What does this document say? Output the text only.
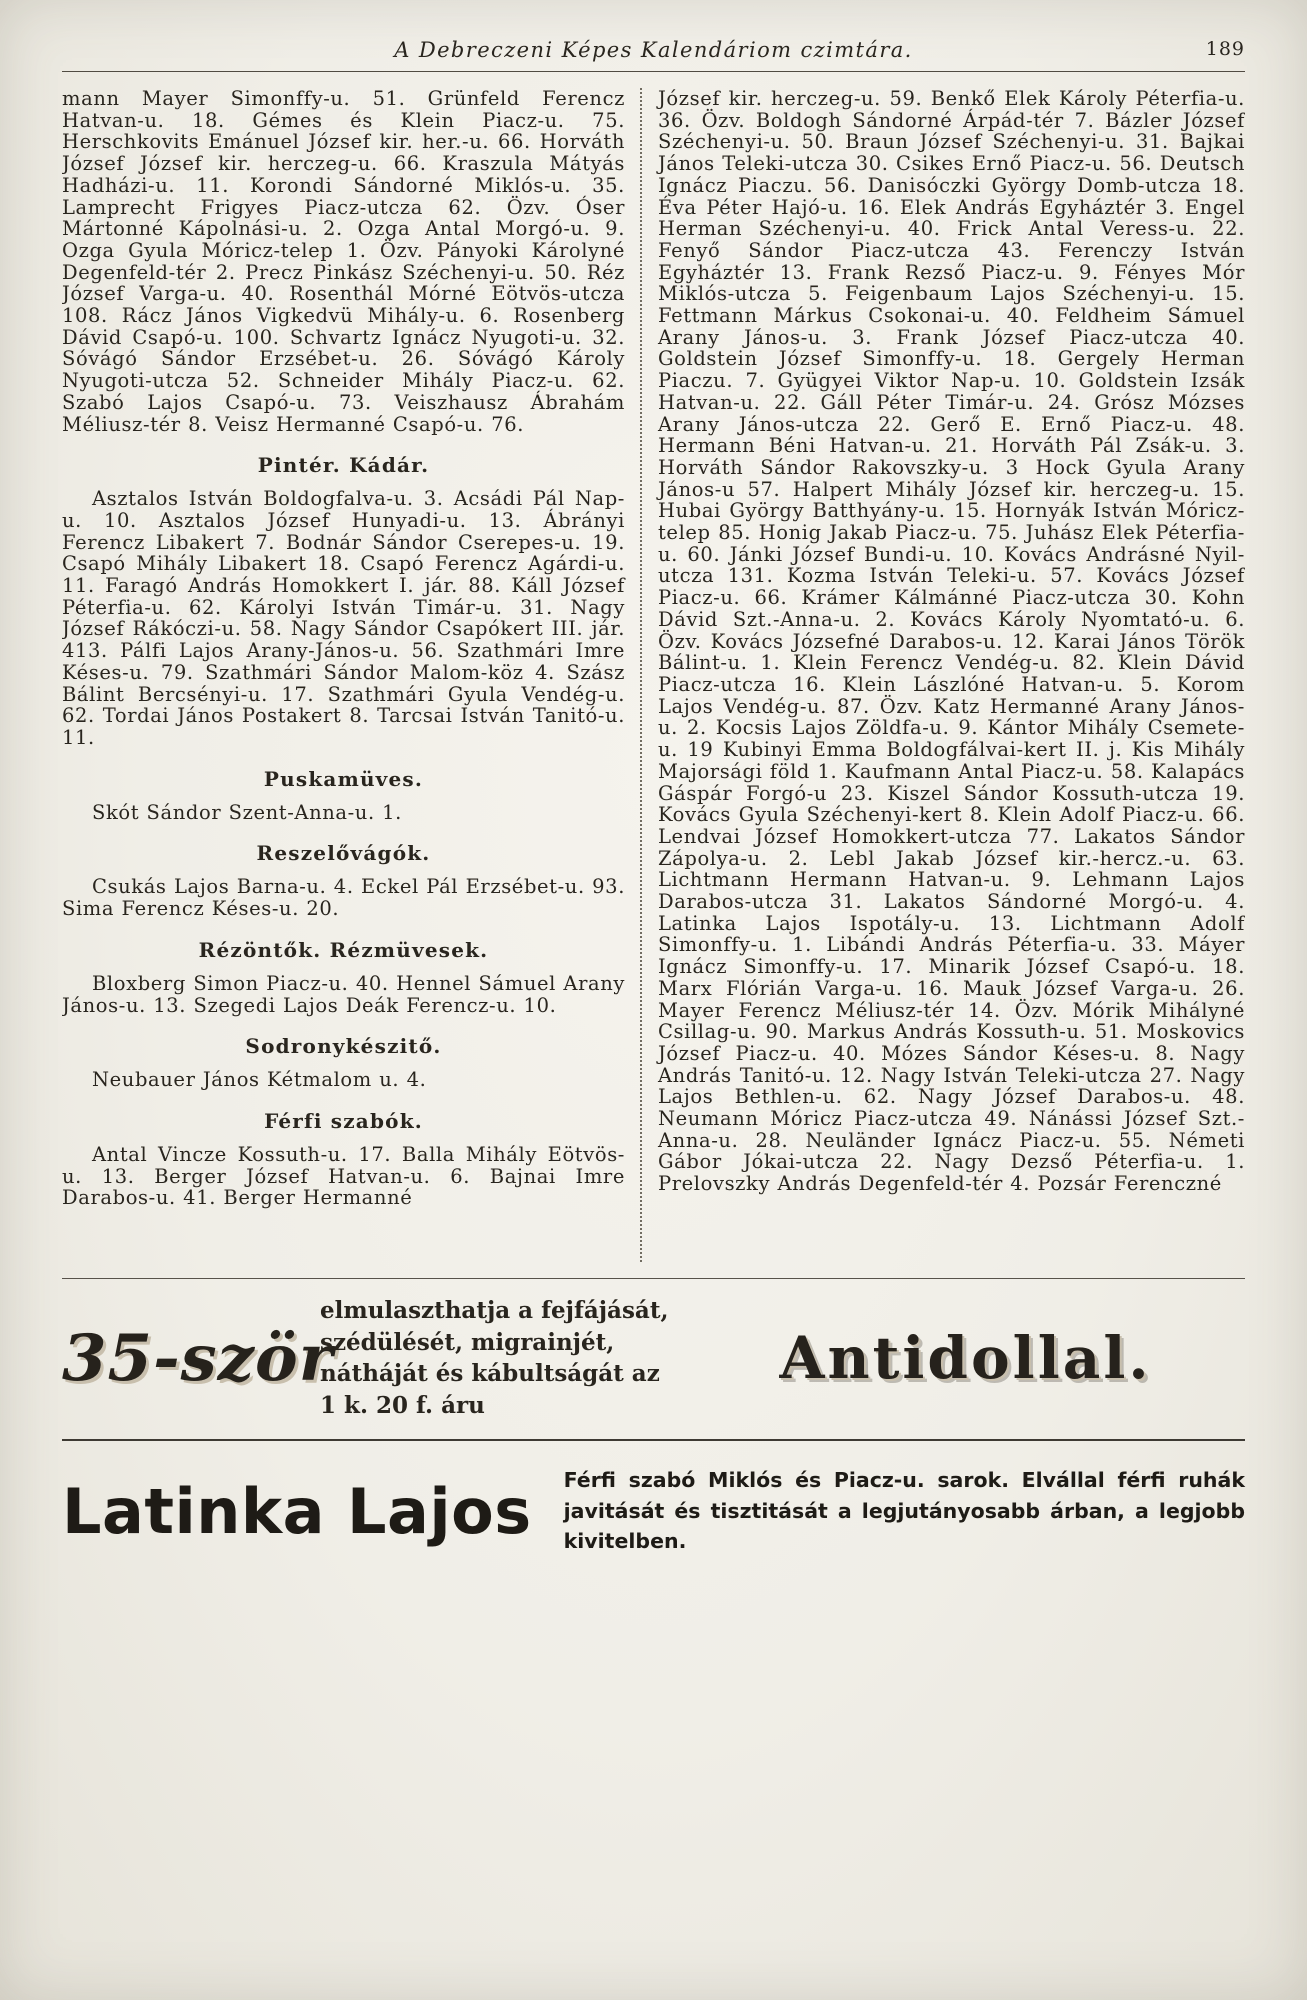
A Debreczeni Képes Kalendáriom czimtára.	189

mann Mayer Simonffy-u. 51. Grünfeld Ferencz Hatvan-u. 18. Gémes és Klein Piacz-u. 75. Herschkovits Emánuel József kir. her.-u. 66. Horváth József József kir. herczeg-u. 66. Kraszula Mátyás Hadházi-u. 11. Korondi Sándorné Miklós-u. 35. Lamprecht Frigyes Piacz-utcza 62. Özv. Óser Mártonné Kápolnási-u. 2. Ozga Antal Morgó-u. 9. Ozga Gyula Móricz-telep 1. Özv. Pányoki Károlyné Degenfeld-tér 2. Precz Pinkász Széchenyi-u. 50. Réz József Varga-u. 40. Rosenthál Mórné Eötvös-utcza 108. Rácz János Vigkedvü Mihály-u. 6. Rosenberg Dávid Csapó-u. 100. Schvartz Ignácz Nyugoti-u. 32. Sóvágó Sándor Erzsébet-u. 26. Sóvágó Károly Nyugoti-utcza 52. Schneider Mihály Piacz-u. 62. Szabó Lajos Csapó-u. 73. Veiszhausz Ábrahám Méliusz-tér 8. Veisz Hermanné Csapó-u. 76.

Pintér. Kádár.

Asztalos István Boldogfalva-u. 3. Acsádi Pál Nap-u. 10. Asztalos József Hunyadi-u. 13. Ábrányi Ferencz Libakert 7. Bodnár Sándor Cserepes-u. 19. Csapó Mihály Libakert 18. Csapó Ferencz Agárdi-u. 11. Faragó András Homokkert I. jár. 88. Káll József Péterfia-u. 62. Károlyi István Timár-u. 31. Nagy József Rákóczi-u. 58. Nagy Sándor Csapókert III. jár. 413. Pálfi Lajos Arany-János-u. 56. Szathmári Imre Késes-u. 79. Szathmári Sándor Malom-köz 4. Szász Bálint Bercsényi-u. 17. Szathmári Gyula Vendég-u. 62. Tordai János Postakert 8. Tarcsai István Tanitó-u. 11.

Puskamüves.

Skót Sándor Szent-Anna-u. 1.

Reszelővágók.

Csukás Lajos Barna-u. 4. Eckel Pál Erzsébet-u. 93. Sima Ferencz Késes-u. 20.

Rézöntők. Rézmüvesek.

Bloxberg Simon Piacz-u. 40. Hennel Sámuel Arany János-u. 13. Szegedi Lajos Deák Ferencz-u. 10.

Sodronykészitő.

Neubauer János Kétmalom u. 4.

Férfi szabók.

Antal Vincze Kossuth-u. 17. Balla Mihály Eötvös-u. 13. Berger József Hatvan-u. 6. Bajnai Imre Darabos-u. 41. Berger Hermanné

József kir. herczeg-u. 59. Benkő Elek Károly Péterfia-u. 36. Özv. Boldogh Sándorné Árpád-tér 7. Bázler József Széchenyi-u. 50. Braun József Széchenyi-u. 31. Bajkai János Teleki-utcza 30. Csikes Ernő Piacz-u. 56. Deutsch Ignácz Piaczu. 56. Danisóczki György Domb-utcza 18. Éva Péter Hajó-u. 16. Elek András Egyháztér 3. Engel Herman Széchenyi-u. 40. Frick Antal Veress-u. 22. Fenyő Sándor Piacz-utcza 43. Ferenczy István Egyháztér 13. Frank Rezső Piacz-u. 9. Fényes Mór Miklós-utcza 5. Feigenbaum Lajos Széchenyi-u. 15. Fettmann Márkus Csokonai-u. 40. Feldheim Sámuel Arany János-u. 3. Frank József Piacz-utcza 40. Goldstein József Simonffy-u. 18. Gergely Herman Piaczu. 7. Gyügyei Viktor Nap-u. 10. Goldstein Izsák Hatvan-u. 22. Gáll Péter Timár-u. 24. Grósz Mózses Arany János-utcza 22. Gerő E. Ernő Piacz-u. 48. Hermann Béni Hatvan-u. 21. Horváth Pál Zsák-u. 3. Horváth Sándor Rakovszky-u. 3 Hock Gyula Arany János-u 57. Halpert Mihály József kir. herczeg-u. 15. Hubai György Batthyány-u. 15. Hornyák István Móricz-telep 85. Honig Jakab Piacz-u. 75. Juhász Elek Péterfia-u. 60. Jánki József Bundi-u. 10. Kovács Andrásné Nyil-utcza 131. Kozma István Teleki-u. 57. Kovács József Piacz-u. 66. Krámer Kálmánné Piacz-utcza 30. Kohn Dávid Szt.-Anna-u. 2. Kovács Károly Nyomtató-u. 6. Özv. Kovács Józsefné Darabos-u. 12. Karai János Török Bálint-u. 1. Klein Ferencz Vendég-u. 82. Klein Dávid Piacz-utcza 16. Klein Lászlóné Hatvan-u. 5. Korom Lajos Vendég-u. 87. Özv. Katz Hermanné Arany János-u. 2. Kocsis Lajos Zöldfa-u. 9. Kántor Mihály Csemete-u. 19 Kubinyi Emma Boldogfálvai-kert II. j. Kis Mihály Majorsági föld 1. Kaufmann Antal Piacz-u. 58. Kalapács Gáspár Forgó-u 23. Kiszel Sándor Kossuth-utcza 19. Kovács Gyula Széchenyi-kert 8. Klein Adolf Piacz-u. 66. Lendvai József Homokkert-utcza 77. Lakatos Sándor Zápolya-u. 2. Lebl Jakab József kir.-hercz.-u. 63. Lichtmann Hermann Hatvan-u. 9. Lehmann Lajos Darabos-utcza 31. Lakatos Sándorné Morgó-u. 4. Latinka Lajos Ispotály-u. 13. Lichtmann Adolf Simonffy-u. 1. Libándi András Péterfia-u. 33. Máyer Ignácz Simonffy-u. 17. Minarik József Csapó-u. 18. Marx Flórián Varga-u. 16. Mauk József Varga-u. 26. Mayer Ferencz Méliusz-tér 14. Özv. Mórik Mihályné Csillag-u. 90. Markus András Kossuth-u. 51. Moskovics József Piacz-u. 40. Mózes Sándor Késes-u. 8. Nagy András Tanitó-u. 12. Nagy István Teleki-utcza 27. Nagy Lajos Bethlen-u. 62. Nagy József Darabos-u. 48. Neumann Móricz Piacz-utcza 49. Nánássi József Szt.-Anna-u. 28. Neuländer Ignácz Piacz-u. 55. Németi Gábor Jókai-utcza 22. Nagy Dezső Péterfia-u. 1. Prelovszky András Degenfeld-tér 4. Pozsár Ferenczné

35-ször
elmulaszthatja a fejfájását, szédülését, migrainjét, nátháját és kábultságát az 1 k. 20 f. áru
Antidollal.
Latinka Lajos Férfi szabó Miklós és Piacz-u. sarok. Elvállal férfi ruhák javitását és tisztitását a legjutányosabb árban, a legjobb kivitelben.
